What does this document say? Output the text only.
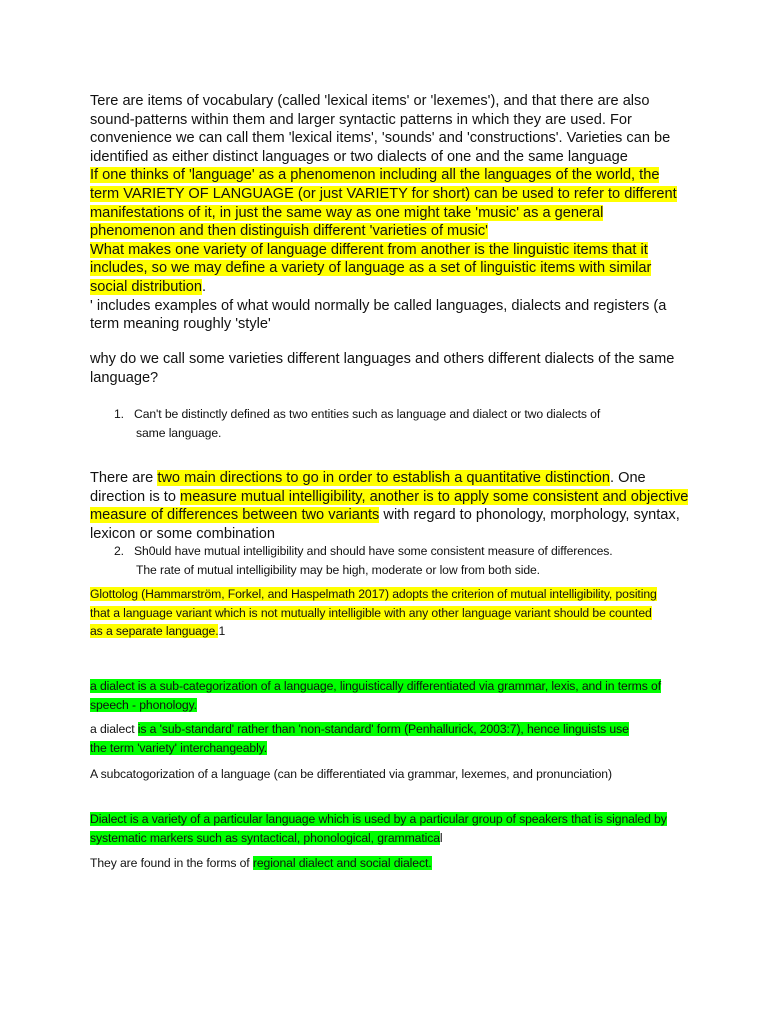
Tere are items of vocabulary (called 'lexical items' or 'lexemes'), and that there are also sound-patterns within them and larger syntactic patterns in which they are used. For convenience we can call them 'lexical items', 'sounds' and 'constructions'. Varieties can be identified as either distinct languages or two dialects of one and the same language
If one thinks of 'language' as a phenomenon including all the languages of the world, the term VARIETY OF LANGUAGE (or just VARIETY for short) can be used to refer to different manifestations of it, in just the same way as one might take 'music' as a general phenomenon and then distinguish different 'varieties of music'
What makes one variety of language different from another is the linguistic items that it includes, so we may define a variety of language as a set of linguistic items with similar social distribution.
' includes examples of what would normally be called languages, dialects and registers (a term meaning roughly 'style'

why do we call some varieties different languages and others different dialects of the same language?

1. Can't be distinctly defined as two entities such as language and dialect or two dialects of
same language.

There are two main directions to go in order to establish a quantitative distinction. One direction is to measure mutual intelligibility, another is to apply some consistent and objective measure of differences between two variants with regard to phonology, morphology, syntax, lexicon or some combination

2. Sh0uld have mutual intelligibility and should have some consistent measure of differences.
The rate of mutual intelligibility may be high, moderate or low from both side.

Glottolog (Hammarström, Forkel, and Haspelmath 2017) adopts the criterion of mutual intelligibility, positing that a language variant which is not mutually intelligible with any other language variant should be counted as a separate language.1

a dialect is a sub-categorization of a language, linguistically differentiated via grammar, lexis, and in terms of speech - phonology.

a dialect is a 'sub-standard' rather than 'non-standard' form (Penhallurick, 2003:7), hence linguists use the term 'variety' interchangeably.

A subcatogorization of a language (can be differentiated via grammar, lexemes, and pronunciation)

Dialect is a variety of a particular language which is used by a particular group of speakers that is signaled by systematic markers such as syntactical, phonological, grammatical

They are found in the forms of regional dialect and social dialect.
